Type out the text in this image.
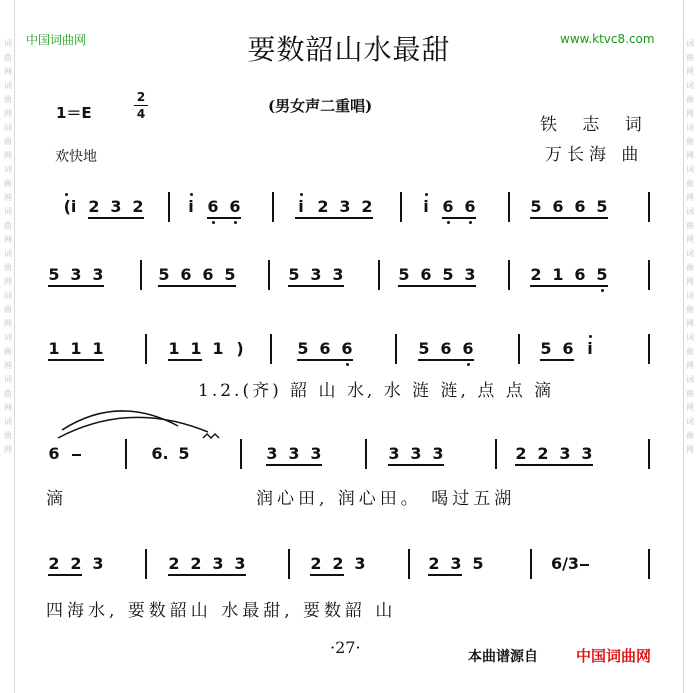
词
曲
网
词
曲
网
词
曲
网
词
曲
网
词
曲
网
词
曲
网
词
曲
网
词
曲
网
词
曲
网
词
曲
网
词
曲
网
词
曲
网
词
曲
网
词
曲
网
词
曲
网
词
曲
网
词
曲
网
词
曲
网
词
曲
网
词
曲
网
中国词曲网	www.ktvc8.com
要数韶山水最甜
1＝E
2
4	(男女声二重唱)
铁 志 词
万长海 曲
欢快地
(i 2 3 2	i 6 6	i 2 3 2	i 6 6	5 6 6 5
5 3 3	5 6 6 5	5 3 3	5 6 5 3	2 1 6 5
1 1 1	1 1 1 )	5 6 6	5 6 6	5 6 i
6	6. 5	3 3 3	3 3 3	2 2 3 3
2 2 3	2 2 3 3	2 2 3	2 3 5	6/3
1.2.(齐) 韶 山 水, 水 涟 涟, 点 点 滴
滴	润心田, 润心田。 喝过五湖
四海水, 要数韶山 水最甜, 要数韶 山
·27·	本曲谱源自	中国词曲网
